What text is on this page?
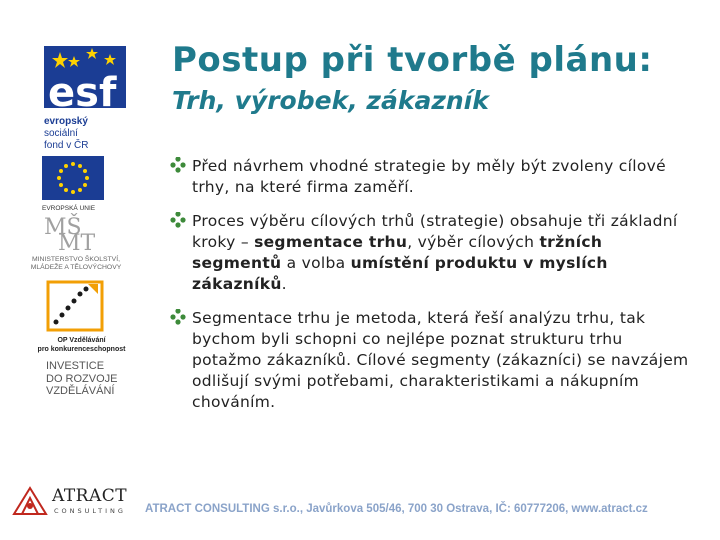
esf
evropský
sociální
fond v ČR
EVROPSKÁ UNIE
MŠ
MT
MINISTERSTVO ŠKOLSTVÍ,
MLÁDEŽE A TĚLOVÝCHOVY
OP Vzdělávání
pro konkurenceschopnost
INVESTICE
DO ROZVOJE
VZDĚLÁVÁNÍ
ATRACT
CONSULTING
Postup při tvorbě plánu:
Trh, výrobek, zákazník
Před návrhem vhodné strategie by měly být zvoleny cílové trhy, na které firma zaměří.
Proces výběru cílových trhů (strategie) obsahuje tři základní kroky – segmentace trhu, výběr cílových tržních segmentů a volba umístění produktu v myslích zákazníků.
Segmentace trhu je metoda, která řeší analýzu trhu, tak bychom byli schopni co nejlépe poznat strukturu trhu potažmo zákazníků. Cílové segmenty (zákazníci) se navzájem odlišují svými potřebami, charakteristikami a nákupním chováním.
ATRACT CONSULTING s.r.o., Javůrkova 505/46, 700 30 Ostrava, IČ: 60777206, www.atract.cz
